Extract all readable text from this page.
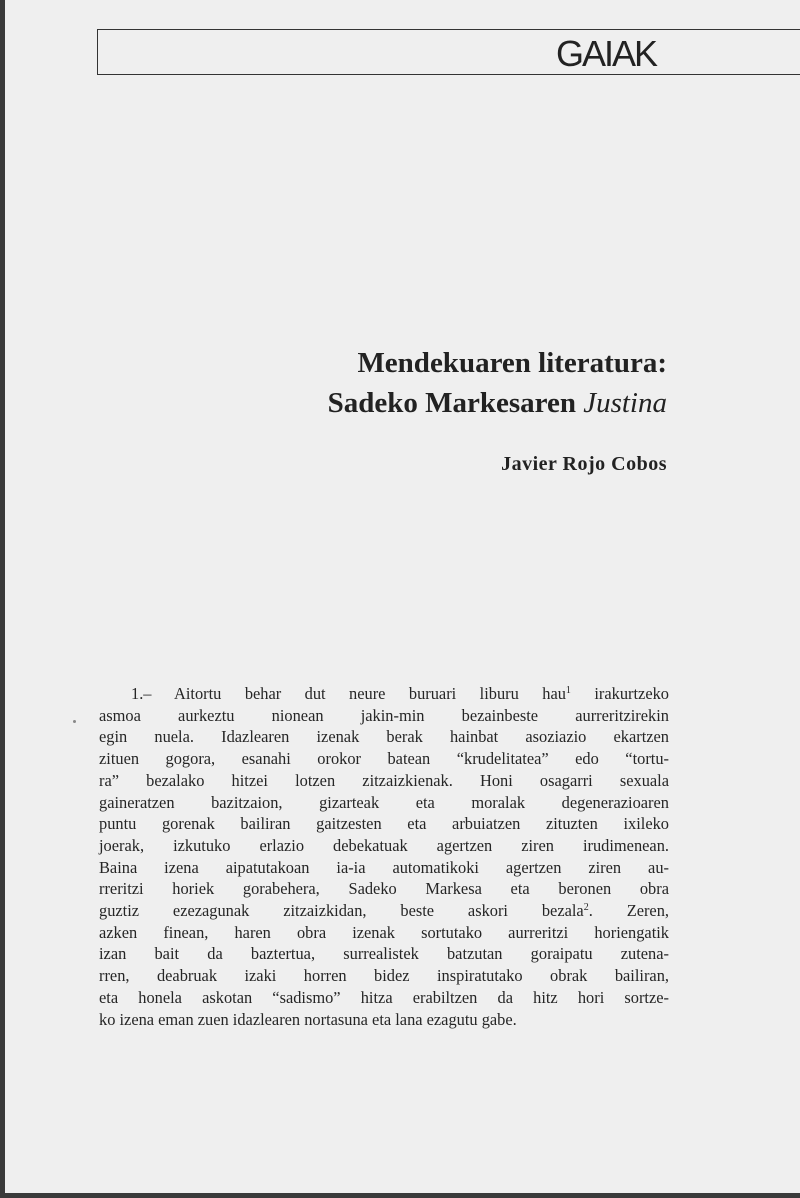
GAIAK
Mendekuaren literatura:
Sadeko Markesaren Justina
Javier Rojo Cobos
1.– Aitortu behar dut neure buruari liburu hau$^1$ irakurtzeko
asmoa aurkeztu nionean jakin-min bezainbeste aurreritzirekin
egin nuela. Idazlearen izenak berak hainbat asoziazio ekartzen
zituen gogora, esanahi orokor batean “krudelitatea” edo “tortu-
ra” bezalako hitzei lotzen zitzaizkienak. Honi osagarri sexuala
gaineratzen bazitzaion, gizarteak eta moralak degenerazioaren
puntu gorenak bailiran gaitzesten eta arbuiatzen zituzten ixileko
joerak, izkutuko erlazio debekatuak agertzen ziren irudimenean.
Baina izena aipatutakoan ia-ia automatikoki agertzen ziren au-
rreritzi horiek gorabehera, Sadeko Markesa eta beronen obra
guztiz ezezagunak zitzaizkidan, beste askori bezala$^2$. Zeren,
azken finean, haren obra izenak sortutako aurreritzi horiengatik
izan bait da baztertua, surrealistek batzutan goraipatu zutena-
rren, deabruak izaki horren bidez inspiratutako obrak bailiran,
eta honela askotan “sadismo” hitza erabiltzen da hitz hori sortze-
ko izena eman zuen idazlearen nortasuna eta lana ezagutu gabe.
